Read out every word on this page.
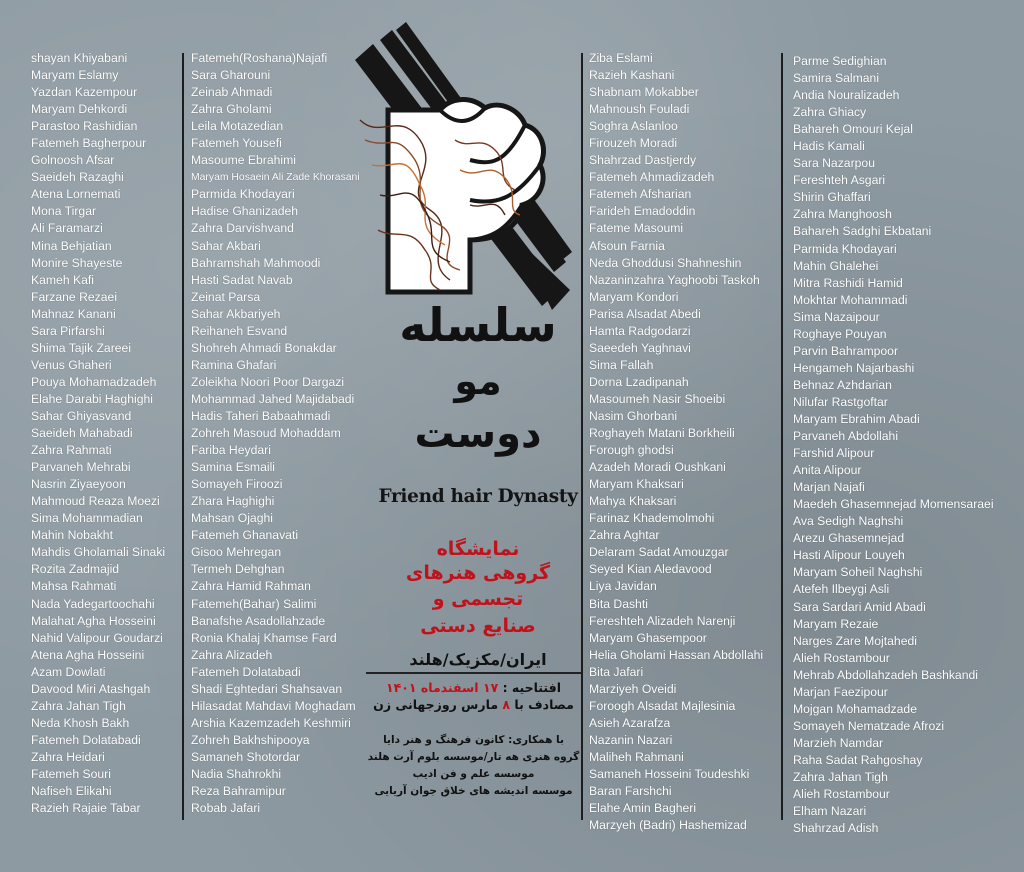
shayan Khiyabani
Maryam Eslamy
Yazdan Kazempour
Maryam Dehkordi
Parastoo Rashidian
Fatemeh Bagherpour
Golnoosh Afsar
Saeideh Razaghi
Atena Lornemati
Mona Tirgar
Ali Faramarzi
Mina Behjatian
Monire Shayeste
Kameh Kafi
Farzane Rezaei
Mahnaz Kanani
Sara Pirfarshi
Shima Tajik Zareei
Venus Ghaheri
Pouya Mohamadzadeh
Elahe Darabi Haghighi
Sahar Ghiyasvand
Saeideh Mahabadi
Zahra Rahmati
Parvaneh Mehrabi
Nasrin Ziyaeyoon
Mahmoud Reaza Moezi
Sima Mohammadian
Mahin Nobakht
Mahdis Gholamali Sinaki
Rozita Zadmajid
Mahsa Rahmati
Nada Yadegartoochahi
Malahat Agha Hosseini
Nahid Valipour Goudarzi
Atena Agha Hosseini
Azam Dowlati
Davood Miri Atashgah
Zahra Jahan Tigh
Neda Khosh Bakh
Fatemeh Dolatabadi
Zahra Heidari
Fatemeh Souri
Nafiseh Elikahi
Razieh Rajaie Tabar
Fatemeh(Roshana)Najafi
Sara Gharouni
Zeinab Ahmadi
Zahra Gholami
Leila Motazedian
Fatemeh Yousefi
Masoume Ebrahimi
Maryam Hosaein Ali Zade Khorasani
Parmida Khodayari
Hadise Ghanizadeh
Zahra Darvishvand
Sahar Akbari
Bahramshah Mahmoodi
Hasti Sadat Navab
Zeinat Parsa
Sahar Akbariyeh
Reihaneh Esvand
Shohreh Ahmadi Bonakdar
Ramina Ghafari
Zoleikha Noori Poor Dargazi
Mohammad Jahed Majidabadi
Hadis Taheri Babaahmadi
Zohreh Masoud Mohaddam
Fariba Heydari
Samina Esmaili
Somayeh Firoozi
Zhara Haghighi
Mahsan Ojaghi
Fatemeh Ghanavati
Gisoo Mehregan
Termeh Dehghan
Zahra Hamid Rahman
Fatemeh(Bahar) Salimi
Banafshe Asadollahzade
Ronia Khalaj Khamse Fard
Zahra Alizadeh
Fatemeh Dolatabadi
Shadi Eghtedari Shahsavan
Hilasadat Mahdavi Moghadam
Arshia Kazemzadeh Keshmiri
Zohreh Bakhshipooya
Samaneh Shotordar
Nadia Shahrokhi
Reza Bahramipur
Robab Jafari
Ziba Eslami
Razieh Kashani
Shabnam Mokabber
Mahnoush Fouladi
Soghra Aslanloo
Firouzeh Moradi
Shahrzad Dastjerdy
Fatemeh Ahmadizadeh
Fatemeh Afsharian
Farideh Emadoddin
Fateme Masoumi
Afsoun Farnia
Neda Ghoddusi Shahneshin
Nazaninzahra Yaghoobi Taskoh
Maryam Kondori
Parisa Alsadat Abedi
Hamta Radgodarzi
Saeedeh Yaghnavi
Sima Fallah
Dorna Lzadipanah
Masoumeh Nasir Shoeibi
Nasim Ghorbani
Roghayeh Matani Borkheili
Forough ghodsi
Azadeh Moradi Oushkani
Maryam Khaksari
Mahya Khaksari
Farinaz Khademolmohi
Zahra Aghtar
Delaram Sadat Amouzgar
Seyed Kian Aledavood
Liya Javidan
Bita Dashti
Fereshteh Alizadeh Narenji
Maryam Ghasempoor
Helia Gholami Hassan Abdollahi
Bita Jafari
Marziyeh Oveidi
Foroogh Alsadat Majlesinia
Asieh Azarafza
Nazanin Nazari
Maliheh Rahmani
Samaneh Hosseini Toudeshki
Baran Farshchi
Elahe Amin Bagheri
Marzyeh (Badri) Hashemizad
Parme Sedighian
Samira Salmani
Andia Nouralizadeh
Zahra Ghiacy
Bahareh Omouri Kejal
Hadis Kamali
Sara Nazarpou
Fereshteh Asgari
Shirin Ghaffari
Zahra Manghoosh
Bahareh Sadghi Ekbatani
Parmida Khodayari
Mahin Ghalehei
Mitra Rashidi Hamid
Mokhtar Mohammadi
Sima Nazaipour
Roghaye Pouyan
Parvin Bahrampoor
Hengameh Najarbashi
Behnaz Azhdarian
Nilufar Rastgoftar
Maryam Ebrahim Abadi
Parvaneh Abdollahi
Farshid Alipour
Anita Alipour
Marjan Najafi
Maedeh Ghasemnejad Momensaraei
Ava Sedigh Naghshi
Arezu Ghasemnejad
Hasti Alipour Louyeh
Maryam Soheil Naghshi
Atefeh Ilbeygi Asli
Sara Sardari Amid Abadi
Maryam Rezaie
Narges Zare Mojtahedi
Alieh Rostambour
Mehrab Abdollahzadeh Bashkandi
Marjan Faezipour
Mojgan Mohamadzade
Somayeh Nematzade Afrozi
Marzieh Namdar
Raha Sadat Rahgoshay
Zahra Jahan Tigh
Alieh Rostambour
Elham Nazari
Shahrzad Adish
سلسله
مو
دوست
Friend hair Dynasty
نمایشگاه
گروهی هنرهای
تجسمی و
صنایع دستی
ایران/مکزیک/هلند
افتتاحیه : ۱۷ اسفندماه ۱۴۰۱
مصادف با ۸ مارس روزجهانی زن
با همکاری: کانون فرهنگ و هنر دایا
گروه هنری هه تار/موسسه بلوم آرت هلند
موسسه علم و فن ادیب
موسسه اندیشه های خلاق جوان آریایی
